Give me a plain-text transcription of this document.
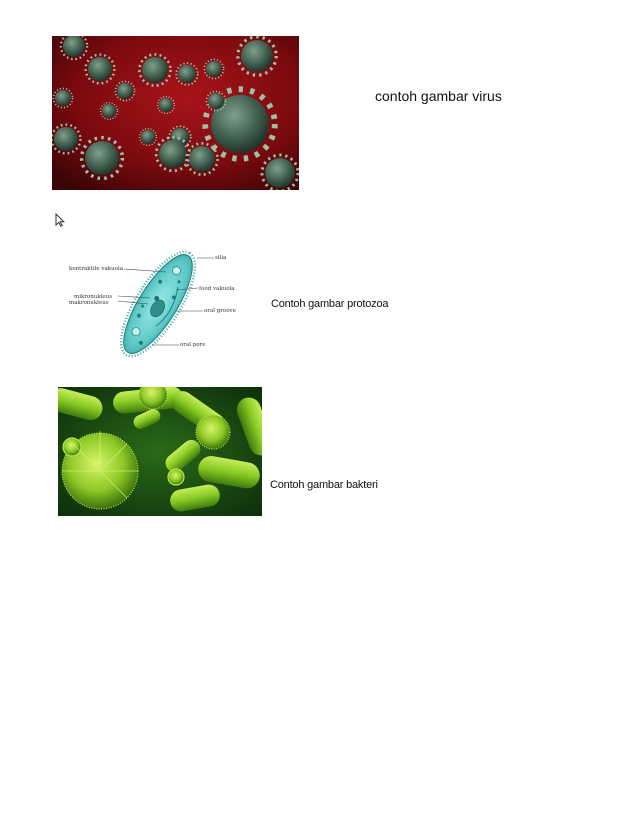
contoh gambar virus
silia
kontraktile vakuola
food vakuola
mikronukleus
makronukleus
oral groove
oral pore
Contoh gambar protozoa
Contoh gambar bakteri
